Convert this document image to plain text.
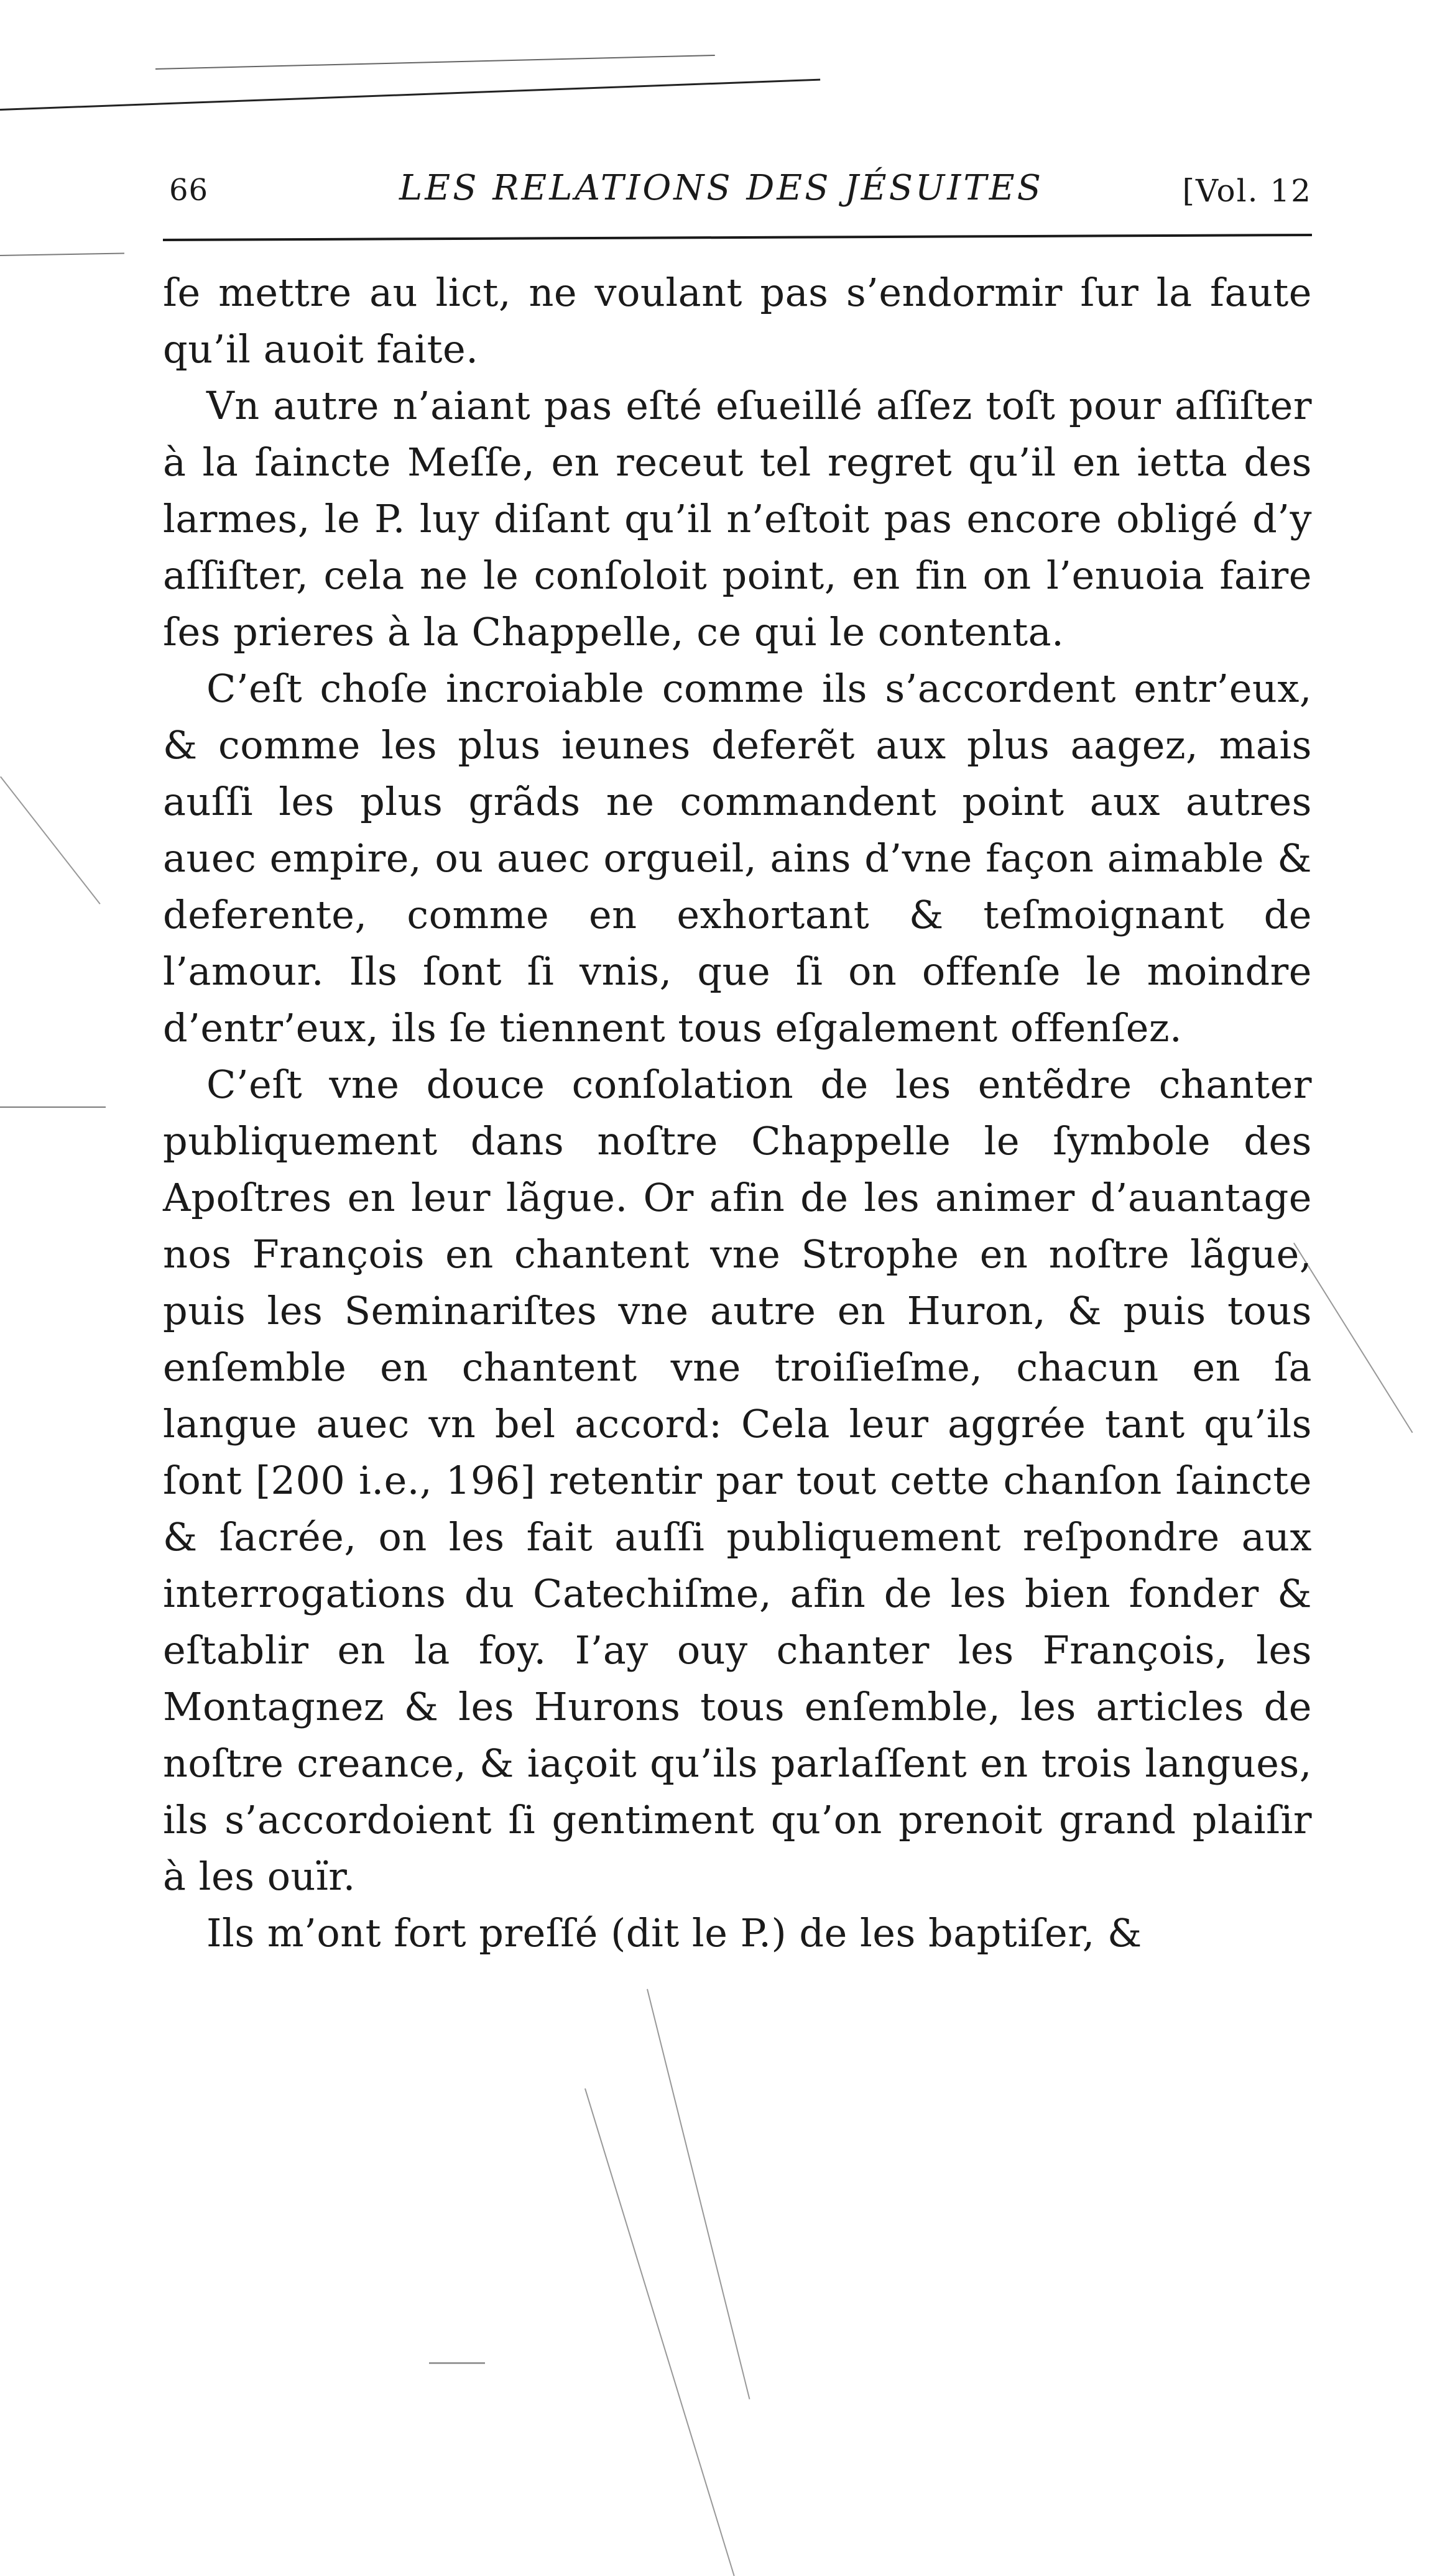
66	LES RELATIONS DES JÉSUITES	[Vol. 12

ſe mettre au lict, ne voulant pas s’endormir ſur la faute qu’il auoit faite.

Vn autre n’aiant pas eſté eſueillé aſſez toſt pour aſſiſter à la ſaincte Meſſe, en receut tel regret qu’il en ietta des larmes, le P. luy diſant qu’il n’eſtoit pas encore obligé d’y aſſiſter, cela ne le conſoloit point, en fin on l’enuoia faire ſes prieres à la Chappelle, ce qui le contenta.

C’eſt choſe incroiable comme ils s’accordent entr’eux, & comme les plus ieunes deferẽt aux plus aagez, mais auſſi les plus grãds ne commandent point aux autres auec empire, ou auec orgueil, ains d’vne façon aimable & deferente, comme en exhortant & teſmoignant de l’amour. Ils ſont ſi vnis, que ſi on offenſe le moindre d’entr’eux, ils ſe tiennent tous eſgalement offenſez.

C’eſt vne douce conſolation de les entẽdre chanter publiquement dans noſtre Chappelle le ſymbole des Apoſtres en leur lãgue. Or afin de les animer d’auantage nos François en chantent vne Strophe en noſtre lãgue, puis les Seminariſtes vne autre en Huron, & puis tous enſemble en chantent vne troiſieſme, chacun en ſa langue auec vn bel accord: Cela leur aggrée tant qu’ils ſont [200 i.e., 196] retentir par tout cette chanſon ſaincte & ſacrée, on les fait auſſi publiquement reſpondre aux interrogations du Catechiſme, afin de les bien fonder & eſtablir en la foy. I’ay ouy chanter les François, les Montagnez & les Hurons tous enſemble, les articles de noſtre creance, & iaçoit qu’ils parlaſſent en trois langues, ils s’accordoient ſi gentiment qu’on prenoit grand plaiſir à les ouïr.

Ils m’ont fort preſſé (dit le P.) de les baptiſer, &
